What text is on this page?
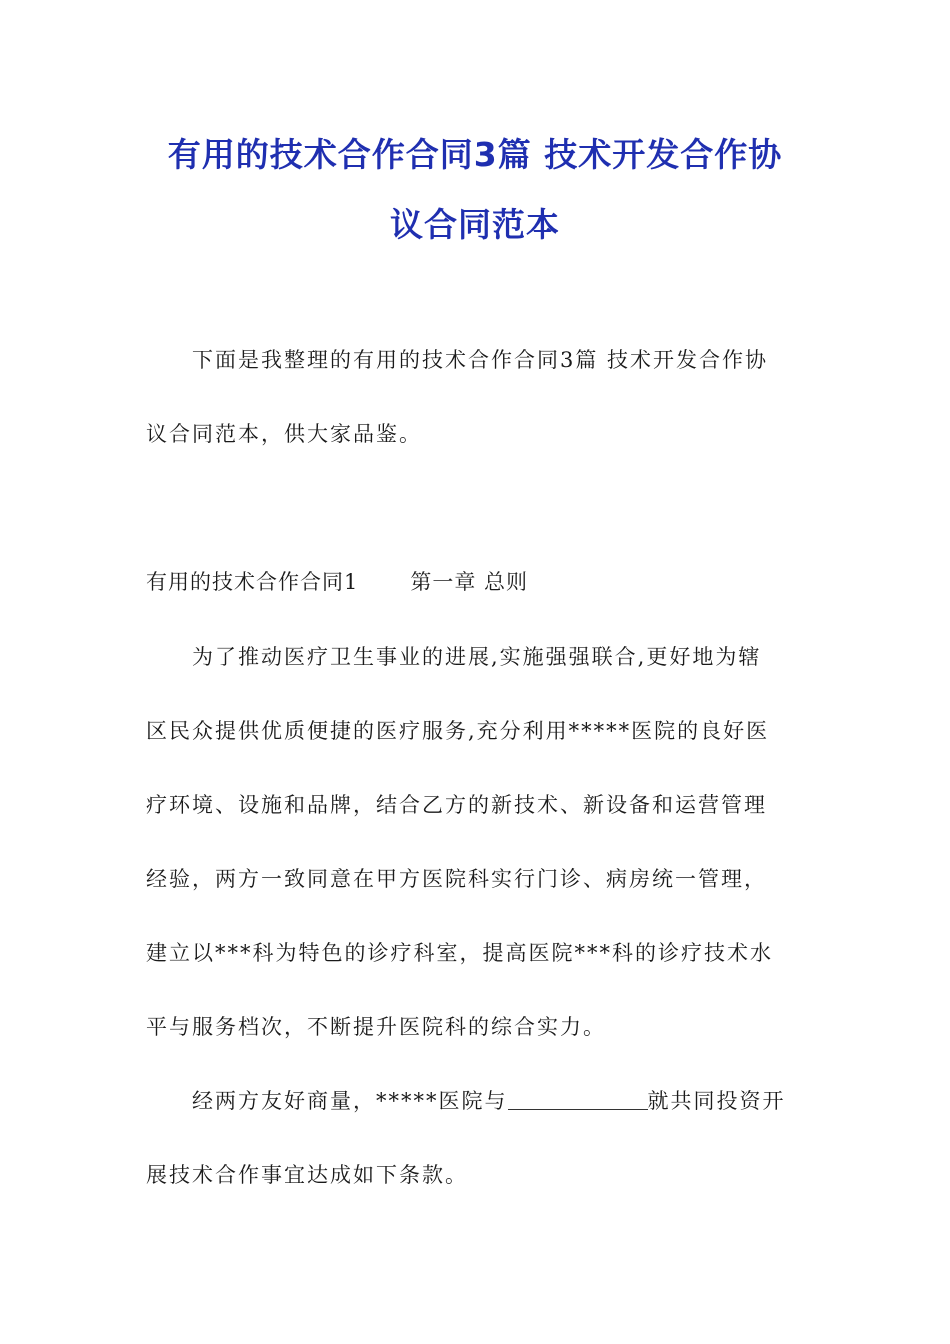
有用的技术合作合同3篇 技术开发合作协
议合同范本

下面是我整理的有用的技术合作合同3篇 技术开发合作协
议合同范本，供大家品鉴。

有用的技术合作合同1 第一章 总则

为了推动医疗卫生事业的进展,实施强强联合,更好地为辖
区民众提供优质便捷的医疗服务,充分利用*****医院的良好医
疗环境、设施和品牌，结合乙方的新技术、新设备和运营管理
经验，两方一致同意在甲方医院科实行门诊、病房统一管理，
建立以***科为特色的诊疗科室，提高医院***科的诊疗技术水
平与服务档次，不断提升医院科的综合实力。

经两方友好商量，*****医院与	就共同投资开
展技术合作事宜达成如下条款。
